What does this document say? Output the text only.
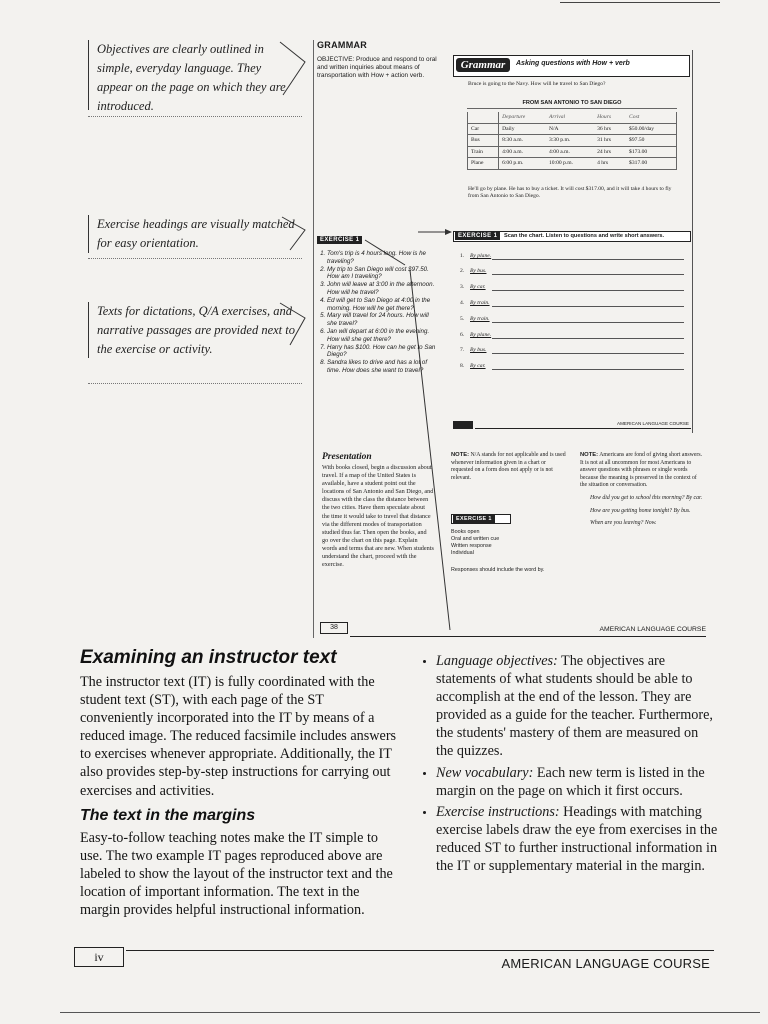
Objectives are clearly outlined in simple, everyday language. They appear on the page on which they are introduced.
Exercise headings are visually matched for easy orientation.
Texts for dictations, Q/A exercises, and narrative passages are provided next to the exercise or activity.
GRAMMAR
OBJECTIVE: Produce and respond to oral and written inquiries about means of transportation with How + action verb.
EXERCISE 1
1. Tom's trip is 4 hours long. How is he traveling?
2. My trip to San Diego will cost $97.50. How am I traveling?
3. John will leave at 3:00 in the afternoon. How will he travel?
4. Ed will get to San Diego at 4:00 in the morning. How will he get there?
5. Mary will travel for 24 hours. How will she travel?
6. Jan will depart at 6:00 in the evening. How will she get there?
7. Harry has $100. How can he get to San Diego?
8. Sandra likes to drive and has a lot of time. How does she want to travel?
Grammar	Asking questions with How + verb
Bruce is going to the Navy. How will he travel to San Diego?
FROM SAN ANTONIO TO SAN DIEGO
	Departure	Arrival	Hours	Cost
Car	Daily	N/A	36 hrs	$50.00/day
Bus	8:30 a.m.	3:30 p.m.	31 hrs	$97.50
Train	4:00 a.m.	4:00 a.m.	24 hrs	$173.00
Plane	6:00 p.m.	10:00 p.m.	4 hrs	$317.00
He'll go by plane. He has to buy a ticket. It will cost $317.00, and it will take 4 hours to fly from San Antonio to San Diego.
EXERCISE 1	Scan the chart. Listen to questions and write short answers.
1. By plane.
2. By bus.
3. By car.
4. By train.
5. By train.
6. By plane.
7. By bus.
8. By car.
AMERICAN LANGUAGE COURSE
Presentation
With books closed, begin a discussion about travel. If a map of the United States is available, have a student point out the locations of San Antonio and San Diego, and discuss with the class the distance between the two cities. Have them speculate about the time it would take to travel that distance via the different modes of transportation studied thus far. Then open the books, and go over the chart on this page. Explain words and terms that are new. When students understand the chart, proceed with the exercise.
NOTE: N/A stands for not applicable and is used whenever information given in a chart or requested on a form does not apply or is not relevant.
EXERCISE 1
Books open
Oral and written cue
Written response
Individual
Responses should include the word by.
NOTE: Americans are fond of giving short answers. It is not at all uncommon for most Americans to answer questions with phrases or single words because the meaning is preserved in the context of the situation or conversation.
How did you get to school this morning? By car.
How are you getting home tonight? By bus.
When are you leaving? Now.
38	AMERICAN LANGUAGE COURSE
Examining an instructor text
The instructor text (IT) is fully coordinated with the student text (ST), with each page of the ST conveniently incorporated into the IT by means of a reduced image. The reduced facsimile includes answers to exercises whenever appropriate. Additionally, the IT also provides step-by-step instructions for carrying out exercises and activities.
The text in the margins
Easy-to-follow teaching notes make the IT simple to use. The two example IT pages reproduced above are labeled to show the layout of the instructor text and the location of important information. The text in the margin provides helpful instructional information.
• Language objectives: The objectives are statements of what students should be able to accomplish at the end of the lesson. They are provided as a guide for the teacher. Furthermore, the students' mastery of them are measured on the quizzes.
• New vocabulary: Each new term is listed in the margin on the page on which it first occurs.
• Exercise instructions: Headings with matching exercise labels draw the eye from exercises in the reduced ST to further instructional information in the IT or supplementary material in the margin.
iv	AMERICAN LANGUAGE COURSE
